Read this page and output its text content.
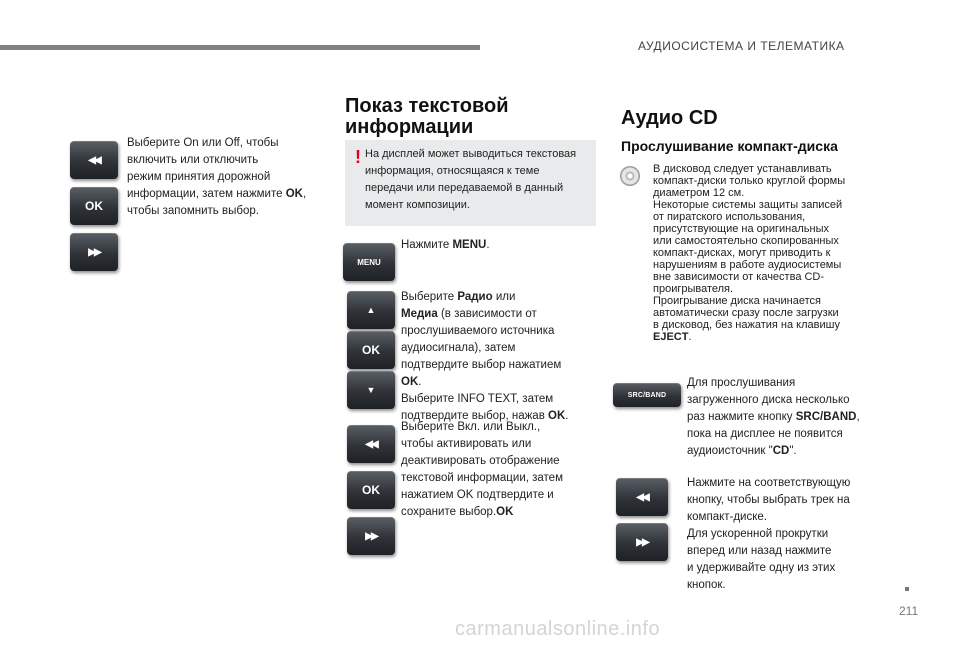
АУДИОСИСТЕМА И ТЕЛЕМАТИКА
◀◀
OK
▶▶
Выберите On или Off, чтобы
включить или отключить
режим принятия дорожной
информации, затем нажмите OK,
чтобы запомнить выбор.
Показ текстовой
информации
! На дисплей может выводиться текстовая информация, относящаяся к теме передачи или передаваемой в данный момент композиции.
MENU
Нажмите MENU.
▲
OK
▼
Выберите Радио или
Медиа (в зависимости от
прослушиваемого источника
аудиосигнала), затем
подтвердите выбор нажатием
OK.
Выберите INFO TEXT, затем
подтвердите выбор, нажав OK.
◀◀
OK
▶▶
Выберите Вкл. или Выкл.,
чтобы активировать или
деактивировать отображение
текстовой информации, затем
нажатием OK подтвердите и
сохраните выбор.OK
Аудио CD
Прослушивание компакт-диска
В дисковод следует устанавливать
компакт-диски только круглой формы
диаметром 12 см.
Некоторые системы защиты записей
от пиратского использования,
присутствующие на оригинальных
или самостоятельно скопированных
компакт-дисках, могут приводить к
нарушениям в работе аудиосистемы
вне зависимости от качества CD-
проигрывателя.
Проигрывание диска начинается
автоматически сразу после загрузки
в дисковод, без нажатия на клавишу
EJECT.
SRC/BAND
Для прослушивания
загруженного диска несколько
раз нажмите кнопку SRC/BAND,
пока на дисплее не появится
аудиоисточник "CD".
◀◀
▶▶
Нажмите на соответствующую
кнопку, чтобы выбрать трек на
компакт-диске.
Для ускоренной прокрутки
вперед или назад нажмите
и удерживайте одну из этих
кнопок.
211
carmanualsonline.info
